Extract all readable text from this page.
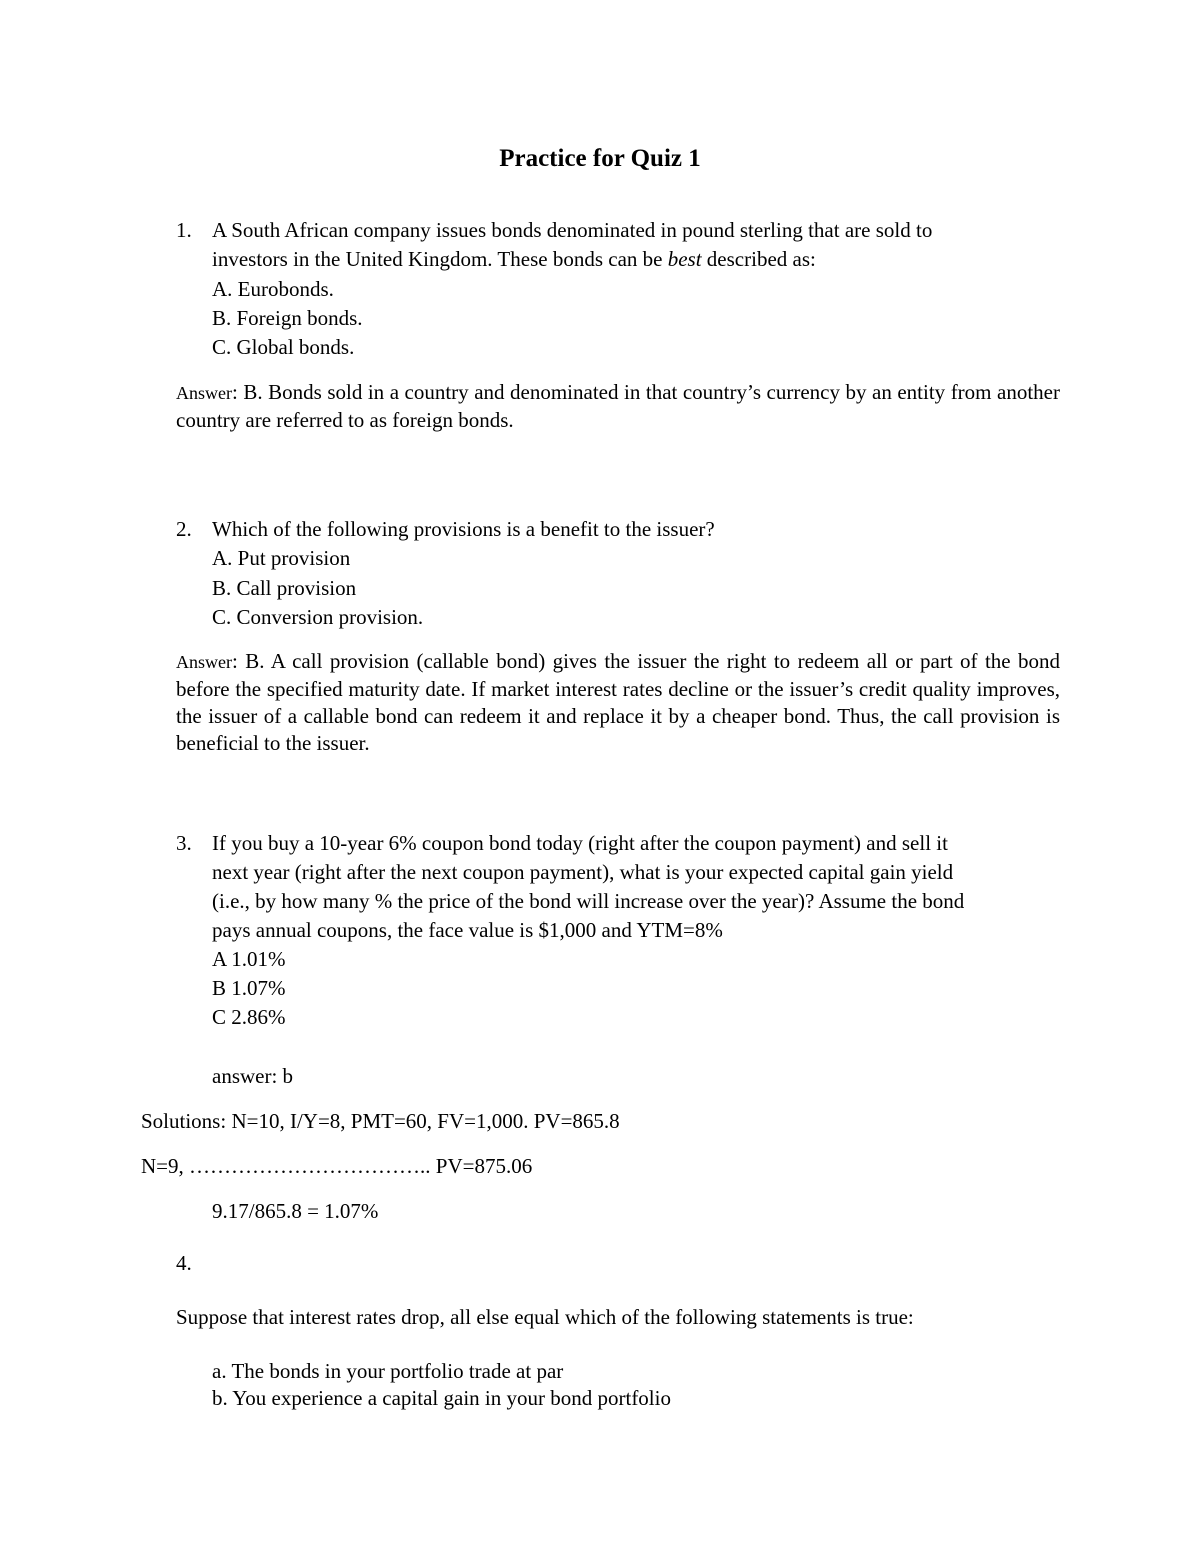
Practice for Quiz 1
1. A South African company issues bonds denominated in pound sterling that are sold to
investors in the United Kingdom. These bonds can be best described as:
A. Eurobonds.
B. Foreign bonds.
C. Global bonds.
Answer: B. Bonds sold in a country and denominated in that country’s currency by an entity from another country are referred to as foreign bonds.
2. Which of the following provisions is a benefit to the issuer?
A. Put provision
B. Call provision
C. Conversion provision.
Answer: B. A call provision (callable bond) gives the issuer the right to redeem all or part of the bond before the specified maturity date. If market interest rates decline or the issuer’s credit quality improves, the issuer of a callable bond can redeem it and replace it by a cheaper bond. Thus, the call provision is beneficial to the issuer.
3. If you buy a 10-year 6% coupon bond today (right after the coupon payment) and sell it
next year (right after the next coupon payment), what is your expected capital gain yield
(i.e., by how many % the price of the bond will increase over the year)? Assume the bond
pays annual coupons, the face value is $1,000 and YTM=8%
A 1.01%
B 1.07%
C 2.86%
answer: b
Solutions: N=10, I/Y=8, PMT=60, FV=1,000. PV=865.8
N=9, …………………………….. PV=875.06
9.17/865.8 = 1.07%
4.
Suppose that interest rates drop, all else equal which of the following statements is true:
a. The bonds in your portfolio trade at par
b. You experience a capital gain in your bond portfolio
